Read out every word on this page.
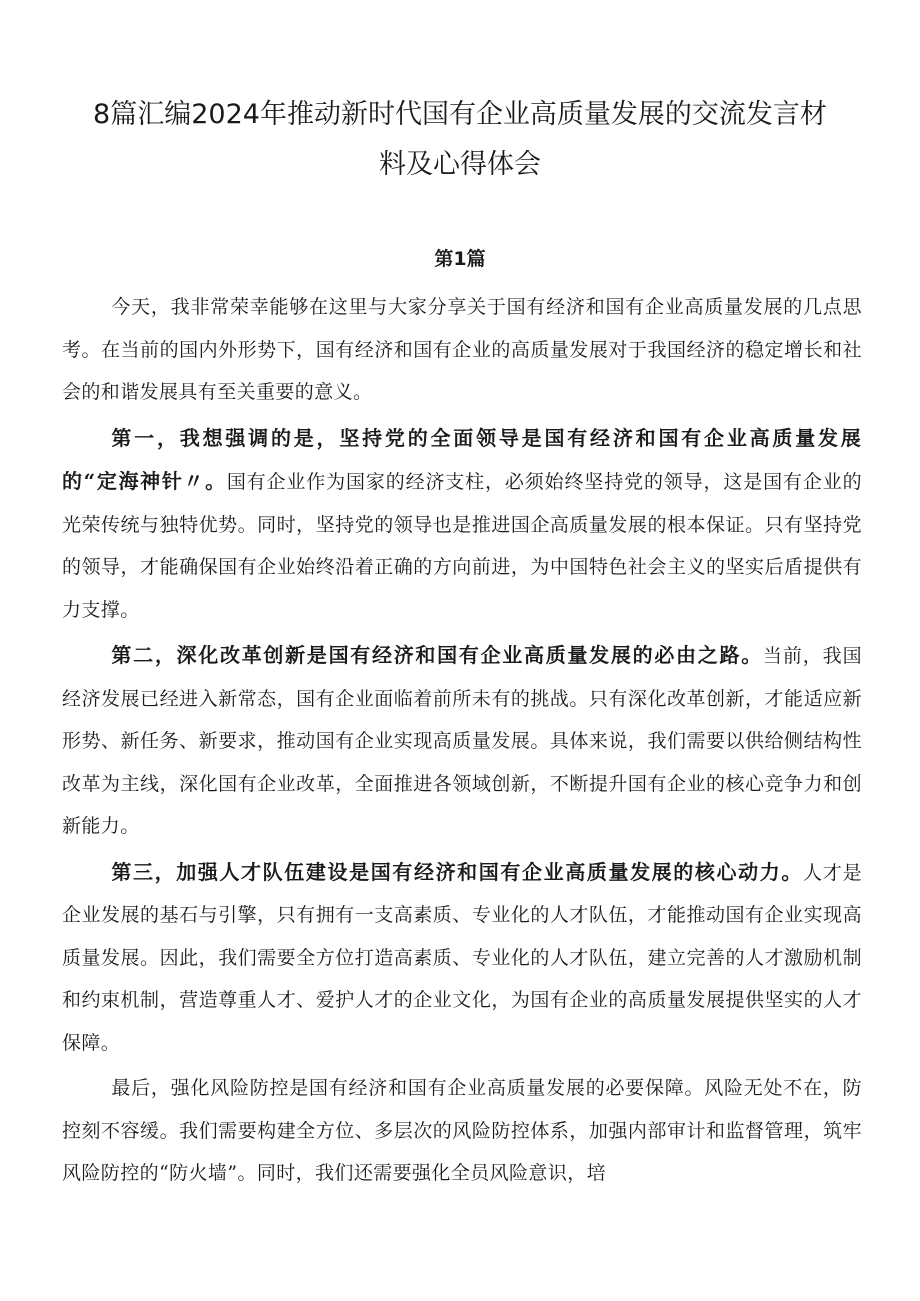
8篇汇编2024年推动新时代国有企业高质量发展的交流发言材料及心得体会
第1篇

今天，我非常荣幸能够在这里与大家分享关于国有经济和国有企业高质量发展的几点思考。在当前的国内外形势下，国有经济和国有企业的高质量发展对于我国经济的稳定增长和社会的和谐发展具有至关重要的意义。

第一，我想强调的是，坚持党的全面领导是国有经济和国有企业高质量发展的“定海神针〃。国有企业作为国家的经济支柱，必须始终坚持党的领导，这是国有企业的光荣传统与独特优势。同时，坚持党的领导也是推进国企高质量发展的根本保证。只有坚持党的领导，才能确保国有企业始终沿着正确的方向前进，为中国特色社会主义的坚实后盾提供有力支撑。

第二，深化改革创新是国有经济和国有企业高质量发展的必由之路。当前，我国经济发展已经进入新常态，国有企业面临着前所未有的挑战。只有深化改革创新，才能适应新形势、新任务、新要求，推动国有企业实现高质量发展。具体来说，我们需要以供给侧结构性改革为主线，深化国有企业改革，全面推进各领域创新，不断提升国有企业的核心竞争力和创新能力。

第三，加强人才队伍建设是国有经济和国有企业高质量发展的核心动力。人才是企业发展的基石与引擎，只有拥有一支高素质、专业化的人才队伍，才能推动国有企业实现高质量发展。因此，我们需要全方位打造高素质、专业化的人才队伍，建立完善的人才激励机制和约束机制，营造尊重人才、爱护人才的企业文化，为国有企业的高质量发展提供坚实的人才保障。

最后，强化风险防控是国有经济和国有企业高质量发展的必要保障。风险无处不在，防控刻不容缓。我们需要构建全方位、多层次的风险防控体系，加强内部审计和监督管理，筑牢风险防控的“防火墙”。同时，我们还需要强化全员风险意识，培
